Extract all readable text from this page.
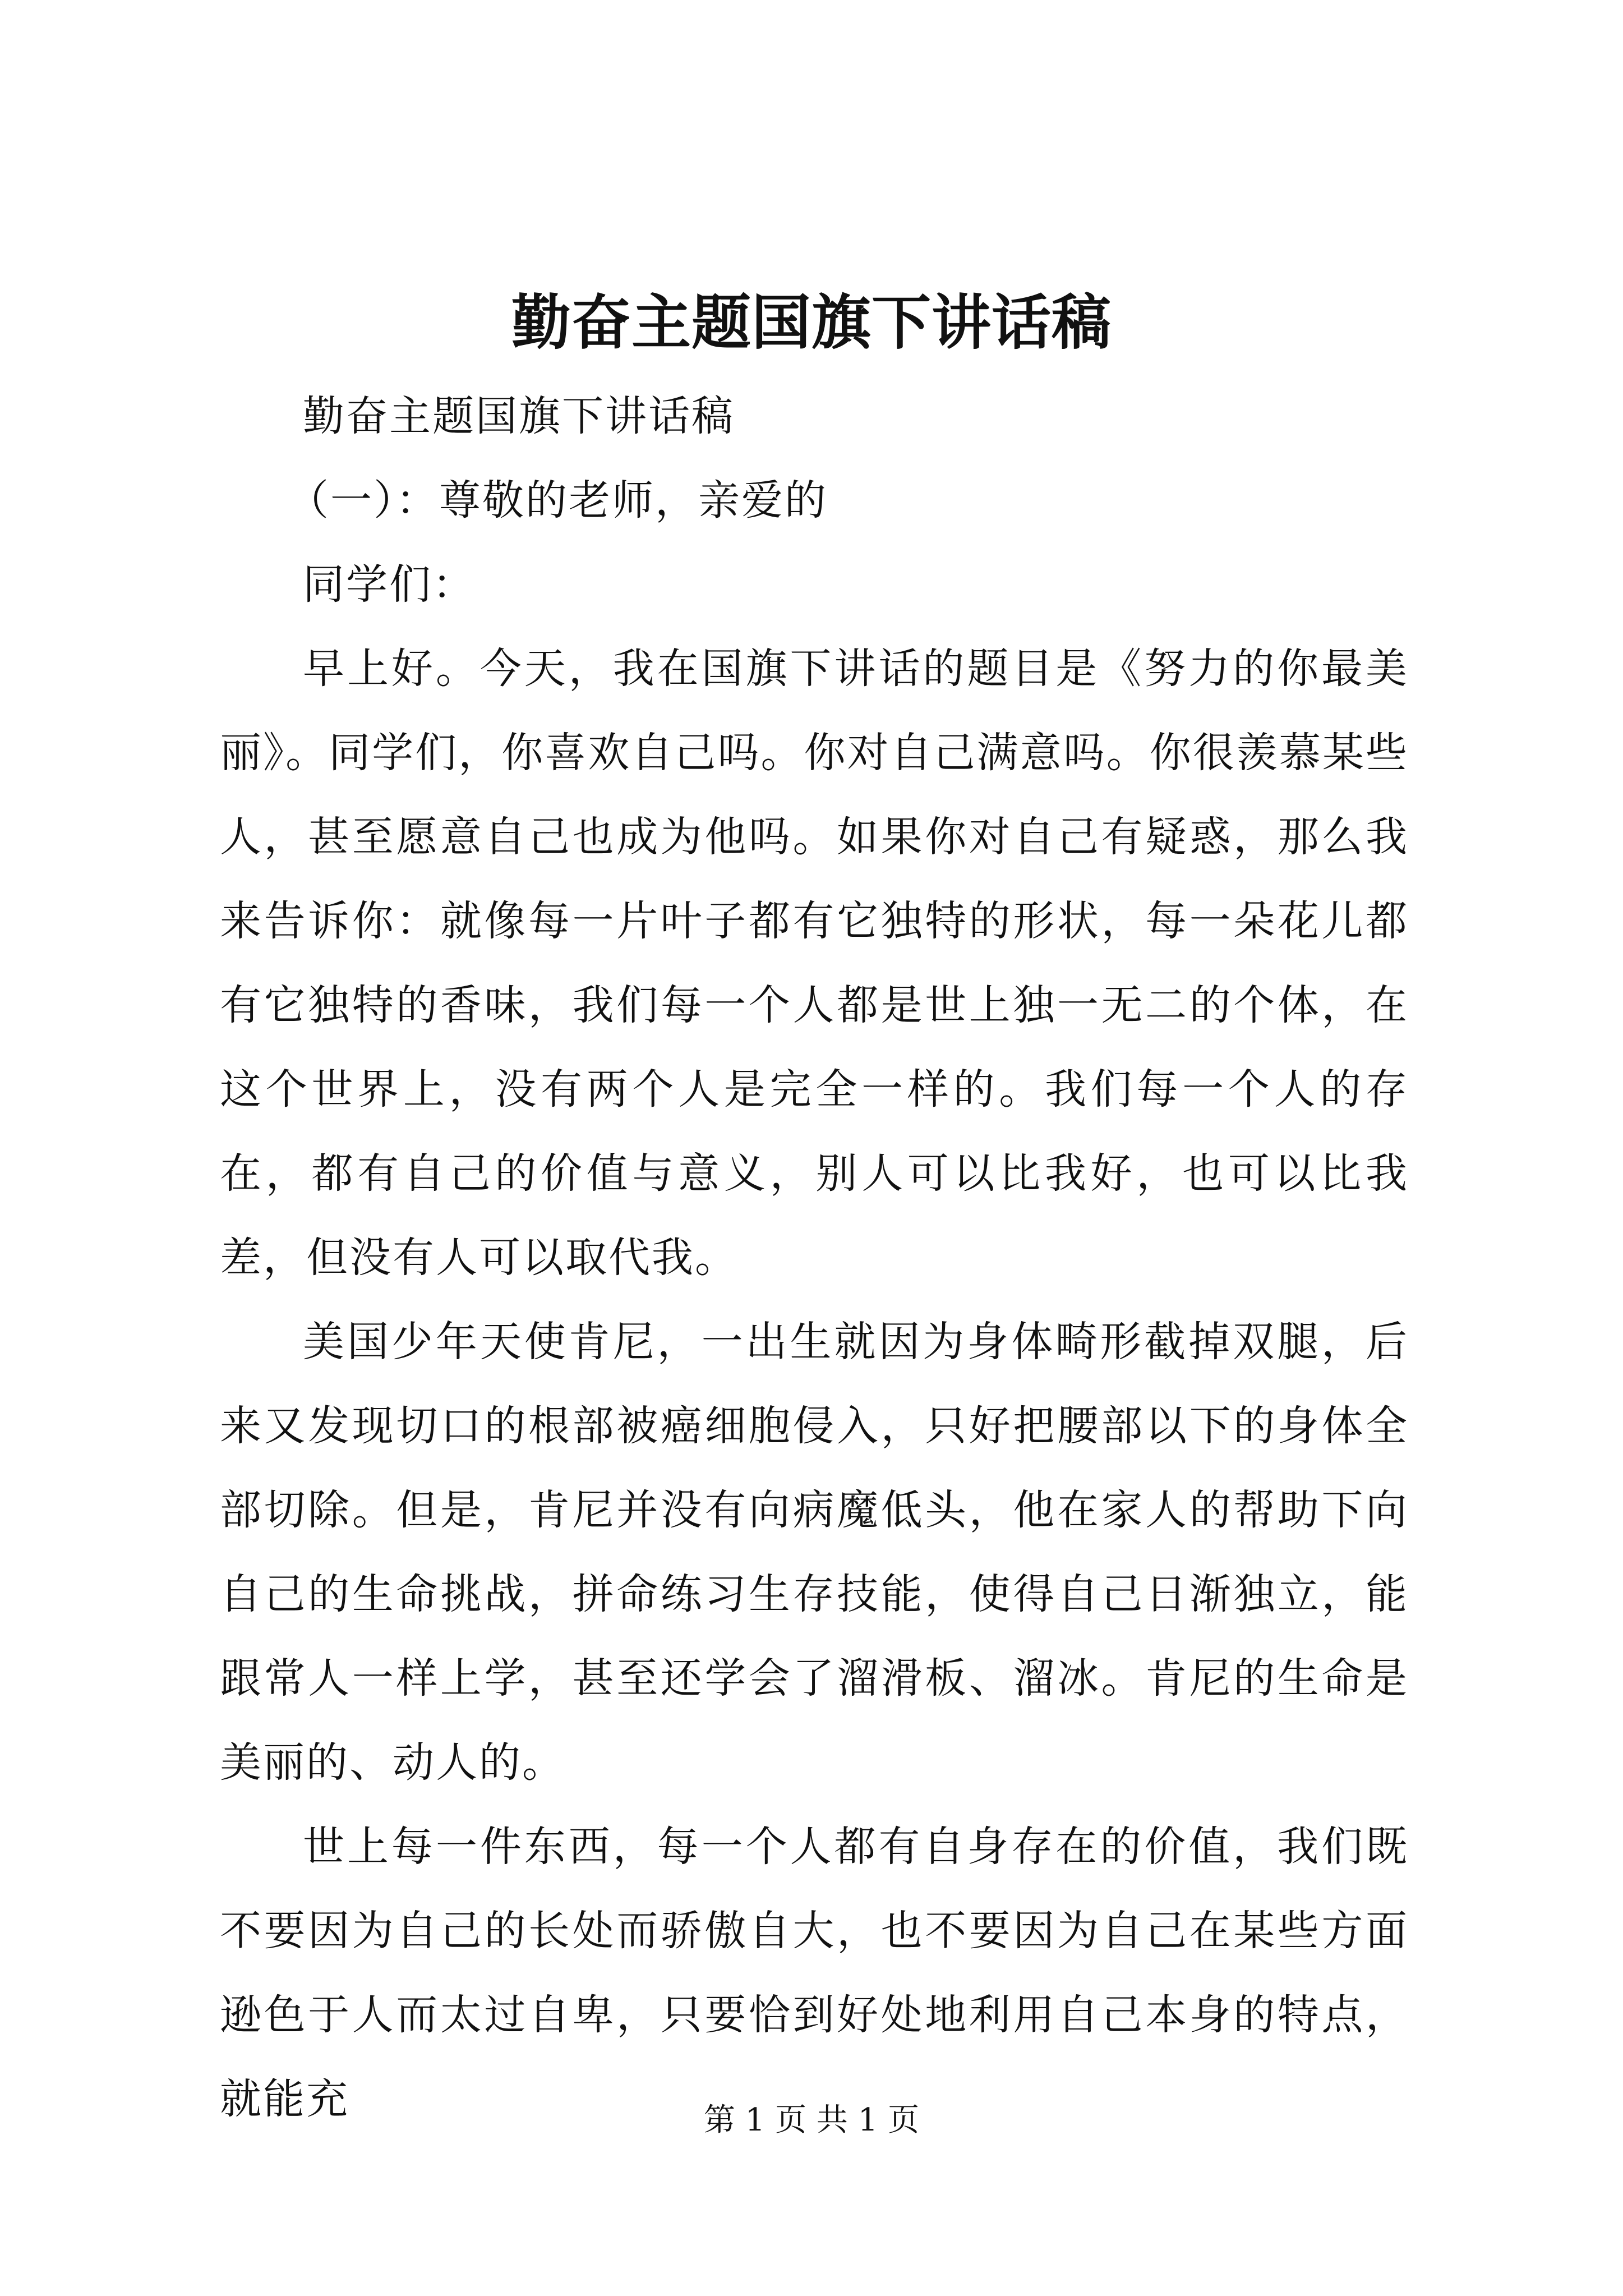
勤奋主题国旗下讲话稿

勤奋主题国旗下讲话稿

（一）：尊敬的老师，亲爱的

同学们：

早上好。今天，我在国旗下讲话的题目是《努力的你最美丽》。同学们，你喜欢自己吗。你对自己满意吗。你很羡慕某些人，甚至愿意自己也成为他吗。如果你对自己有疑惑，那么我来告诉你：就像每一片叶子都有它独特的形状，每一朵花儿都有它独特的香味，我们每一个人都是世上独一无二的个体，在这个世界上，没有两个人是完全一样的。我们每一个人的存在，都有自己的价值与意义，别人可以比我好，也可以比我差，但没有人可以取代我。

美国少年天使肯尼，一出生就因为身体畸形截掉双腿，后来又发现切口的根部被癌细胞侵入，只好把腰部以下的身体全部切除。但是，肯尼并没有向病魔低头，他在家人的帮助下向自己的生命挑战，拼命练习生存技能，使得自己日渐独立，能跟常人一样上学，甚至还学会了溜滑板、溜冰。肯尼的生命是美丽的、动人的。

世上每一件东西，每一个人都有自身存在的价值，我们既不要因为自己的长处而骄傲自大，也不要因为自己在某些方面逊色于人而太过自卑，只要恰到好处地利用自己本身的特点，就能充	第 1 页 共 1 页
